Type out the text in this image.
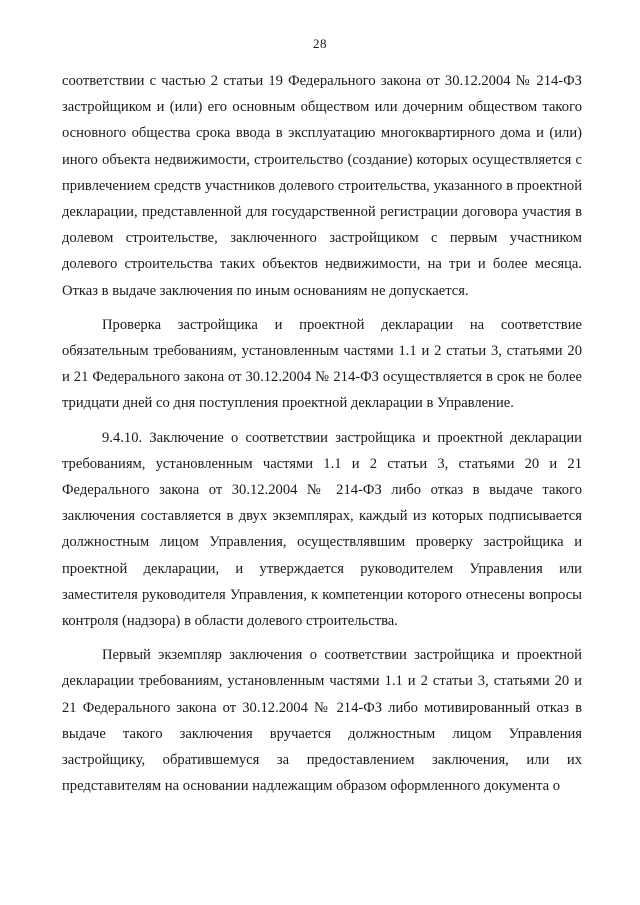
28

соответствии с частью 2 статьи 19 Федерального закона от 30.12.2004 № 214-ФЗ застройщиком и (или) его основным обществом или дочерним обществом такого основного общества срока ввода в эксплуатацию многоквартирного дома и (или) иного объекта недвижимости, строительство (создание) которых осуществляется с привлечением средств участников долевого строительства, указанного в проектной декларации, представленной для государственной регистрации договора участия в долевом строительстве, заключенного застройщиком с первым участником долевого строительства таких объектов недвижимости, на три и более месяца. Отказ в выдаче заключения по иным основаниям не допускается.

Проверка застройщика и проектной декларации на соответствие обязательным требованиям, установленным частями 1.1 и 2 статьи 3, статьями 20 и 21 Федерального закона от 30.12.2004 № 214-ФЗ осуществляется в срок не более тридцати дней со дня поступления проектной декларации в Управление.

9.4.10. Заключение о соответствии застройщика и проектной декларации требованиям, установленным частями 1.1 и 2 статьи 3, статьями 20 и 21 Федерального закона от 30.12.2004 № 214-ФЗ либо отказ в выдаче такого заключения составляется в двух экземплярах, каждый из которых подписывается должностным лицом Управления, осуществлявшим проверку застройщика и проектной декларации, и утверждается руководителем Управления или заместителя руководителя Управления, к компетенции которого отнесены вопросы контроля (надзора) в области долевого строительства.

Первый экземпляр заключения о соответствии застройщика и проектной декларации требованиям, установленным частями 1.1 и 2 статьи 3, статьями 20 и 21 Федерального закона от 30.12.2004 № 214-ФЗ либо мотивированный отказ в выдаче такого заключения вручается должностным лицом Управления застройщику, обратившемуся за предоставлением заключения, или их представителям на основании надлежащим образом оформленного документа о
